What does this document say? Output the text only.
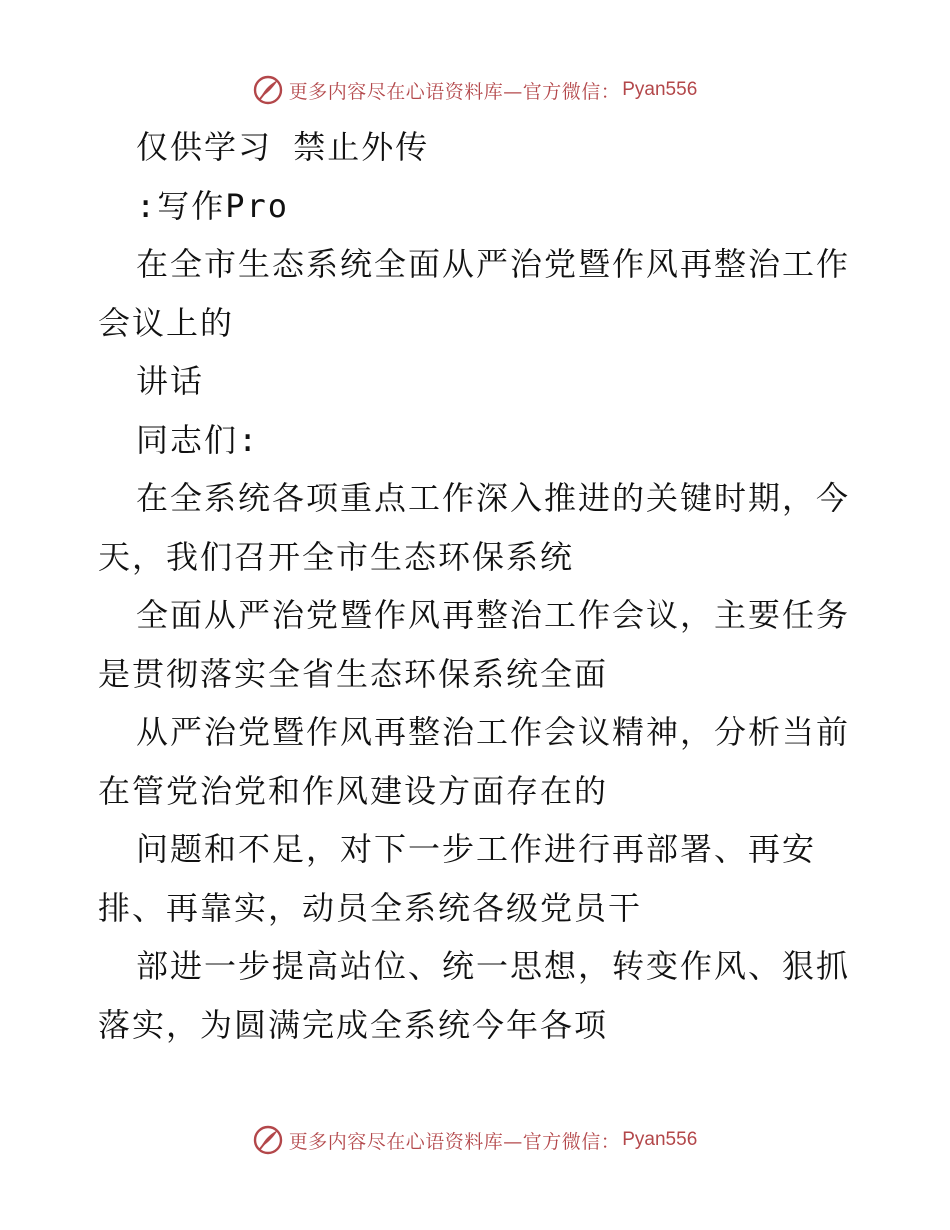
更多内容尽在心语资料库—官方微信： Pyan556
仅供学习 禁止外传
:写作Pro
在全市生态系统全面从严治党暨作风再整治工作
会议上的
讲话
同志们:
在全系统各项重点工作深入推进的关键时期，今
天，我们召开全市生态环保系统
全面从严治党暨作风再整治工作会议，主要任务
是贯彻落实全省生态环保系统全面
从严治党暨作风再整治工作会议精神，分析当前
在管党治党和作风建设方面存在的
问题和不足，对下一步工作进行再部署、再安
排、再靠实，动员全系统各级党员干
部进一步提高站位、统一思想，转变作风、狠抓
落实，为圆满完成全系统今年各项
更多内容尽在心语资料库—官方微信： Pyan556
